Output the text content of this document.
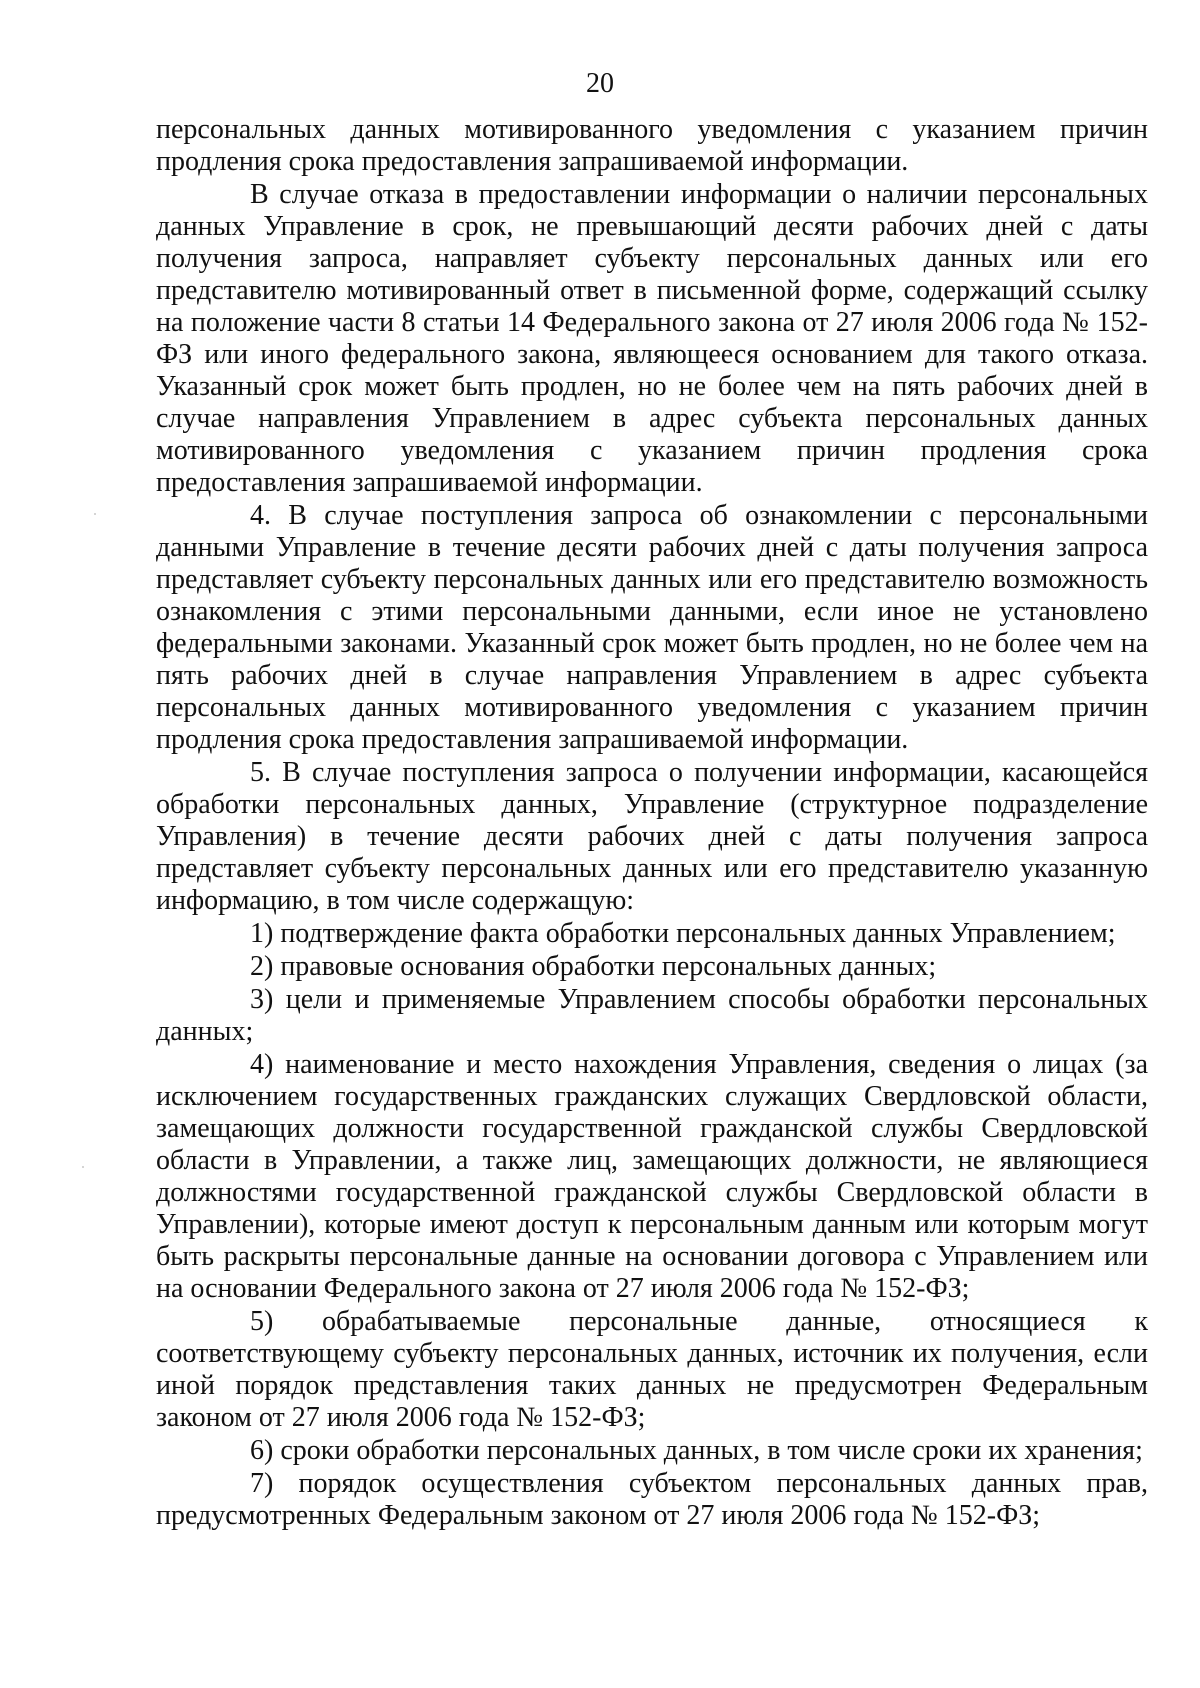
20

персональных данных мотивированного уведомления с указанием причин продления срока предоставления запрашиваемой информации.

В случае отказа в предоставлении информации о наличии персональных данных Управление в срок, не превышающий десяти рабочих дней с даты получения запроса, направляет субъекту персональных данных или его представителю мотивированный ответ в письменной форме, содержащий ссылку на положение части 8 статьи 14 Федерального закона от 27 июля 2006 года № 152-ФЗ или иного федерального закона, являющееся основанием для такого отказа. Указанный срок может быть продлен, но не более чем на пять рабочих дней в случае направления Управлением в адрес субъекта персональных данных мотивированного уведомления с указанием причин продления срока предоставления запрашиваемой информации.

4. В случае поступления запроса об ознакомлении с персональными данными Управление в течение десяти рабочих дней с даты получения запроса представляет субъекту персональных данных или его представителю возможность ознакомления с этими персональными данными, если иное не установлено федеральными законами. Указанный срок может быть продлен, но не более чем на пять рабочих дней в случае направления Управлением в адрес субъекта персональных данных мотивированного уведомления с указанием причин продления срока предоставления запрашиваемой информации.

5. В случае поступления запроса о получении информации, касающейся обработки персональных данных, Управление (структурное подразделение Управления) в течение десяти рабочих дней с даты получения запроса представляет субъекту персональных данных или его представителю указанную информацию, в том числе содержащую:

1) подтверждение факта обработки персональных данных Управлением;

2) правовые основания обработки персональных данных;

3) цели и применяемые Управлением способы обработки персональных данных;

4) наименование и место нахождения Управления, сведения о лицах (за исключением государственных гражданских служащих Свердловской области, замещающих должности государственной гражданской службы Свердловской области в Управлении, а также лиц, замещающих должности, не являющиеся должностями государственной гражданской службы Свердловской области в Управлении), которые имеют доступ к персональным данным или которым могут быть раскрыты персональные данные на основании договора с Управлением или на основании Федерального закона от 27 июля 2006 года № 152-ФЗ;

5) обрабатываемые персональные данные, относящиеся к соответствующему субъекту персональных данных, источник их получения, если иной порядок представления таких данных не предусмотрен Федеральным законом от 27 июля 2006 года № 152-ФЗ;

6) сроки обработки персональных данных, в том числе сроки их хранения;

7) порядок осуществления субъектом персональных данных прав, предусмотренных Федеральным законом от 27 июля 2006 года № 152-ФЗ;
